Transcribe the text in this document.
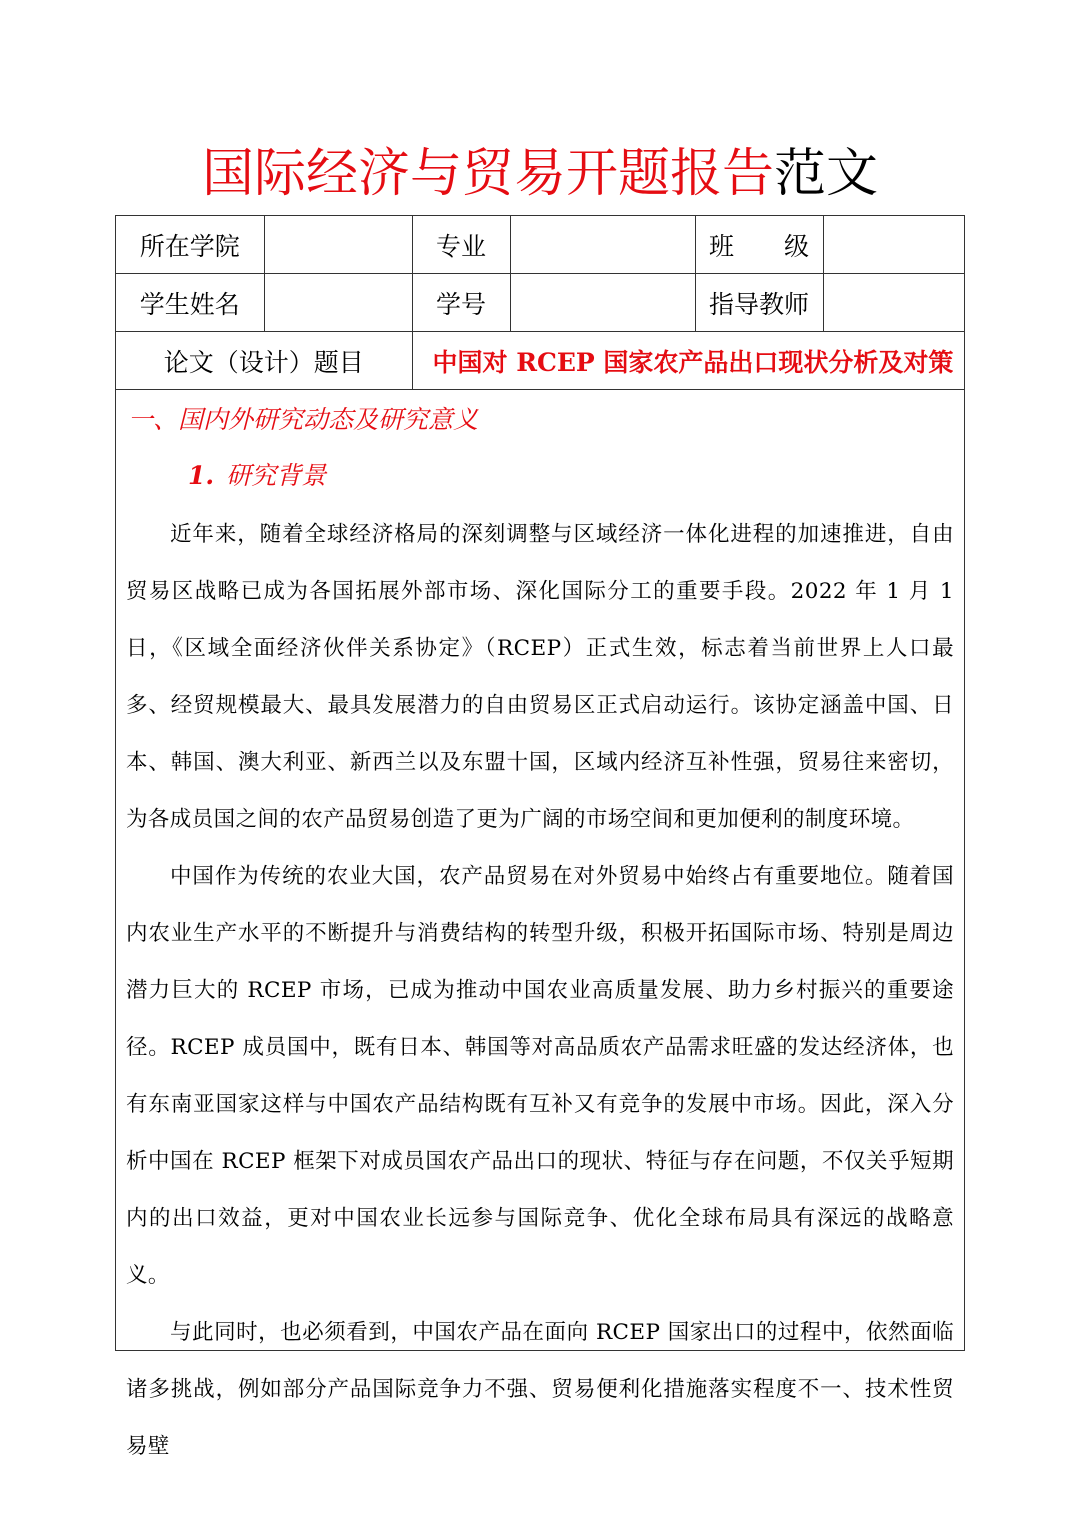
国际经济与贸易开题报告范文
所在学院		专业		班　　级	
学生姓名		学号		指导教师	
论文（设计）题目		中国对 RCEP 国家农产品出口现状分析及对策			
一、国内外研究动态及研究意义
1. 研究背景

近年来，随着全球经济格局的深刻调整与区域经济一体化进程的加速推进，自由贸易区战略已成为各国拓展外部市场、深化国际分工的重要手段。2022 年 1 月 1 日，《区域全面经济伙伴关系协定》（RCEP）正式生效，标志着当前世界上人口最多、经贸规模最大、最具发展潜力的自由贸易区正式启动运行。该协定涵盖中国、日本、韩国、澳大利亚、新西兰以及东盟十国，区域内经济互补性强，贸易往来密切，为各成员国之间的农产品贸易创造了更为广阔的市场空间和更加便利的制度环境。

中国作为传统的农业大国，农产品贸易在对外贸易中始终占有重要地位。随着国内农业生产水平的不断提升与消费结构的转型升级，积极开拓国际市场、特别是周边潜力巨大的 RCEP 市场，已成为推动中国农业高质量发展、助力乡村振兴的重要途径。RCEP 成员国中，既有日本、韩国等对高品质农产品需求旺盛的发达经济体，也有东南亚国家这样与中国农产品结构既有互补又有竞争的发展中市场。因此，深入分析中国在 RCEP 框架下对成员国农产品出口的现状、特征与存在问题，不仅关乎短期内的出口效益，更对中国农业长远参与国际竞争、优化全球布局具有深远的战略意义。

与此同时，也必须看到，中国农产品在面向 RCEP 国家出口的过程中，依然面临诸多挑战，例如部分产品国际竞争力不强、贸易便利化措施落实程度不一、技术性贸易壁
